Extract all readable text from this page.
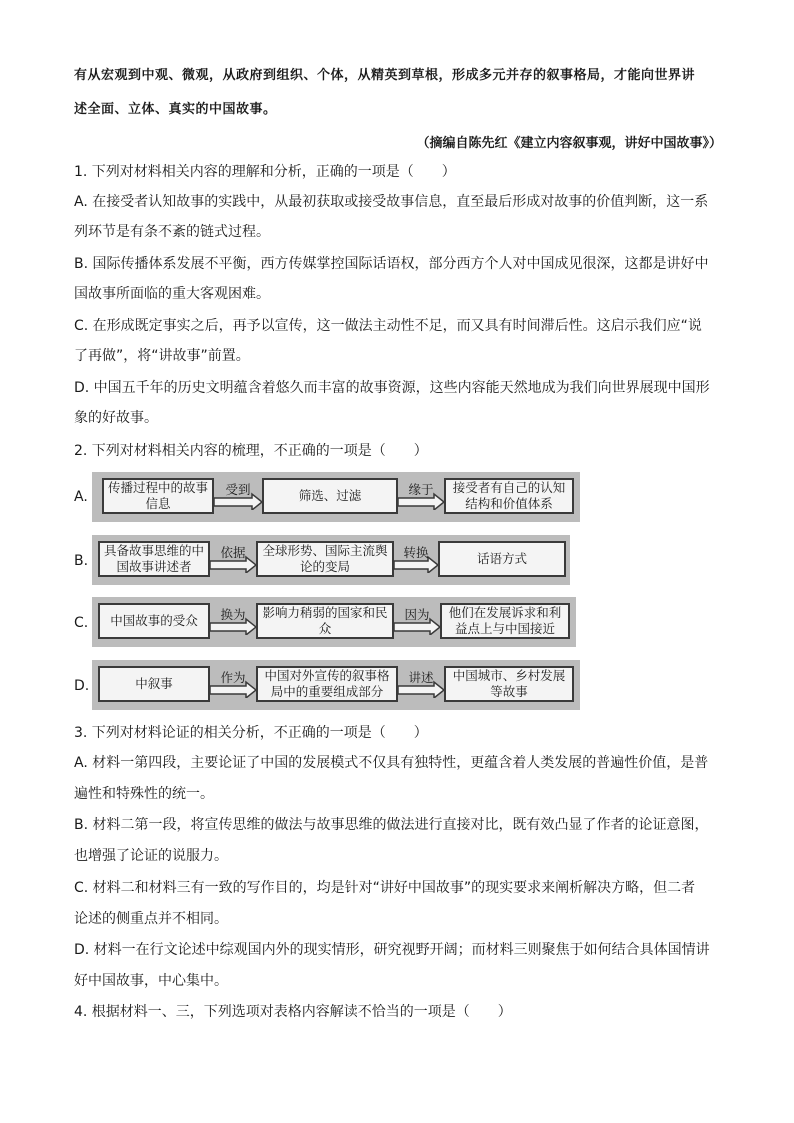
有从宏观到中观、微观，从政府到组织、个体，从精英到草根，形成多元并存的叙事格局，才能向世界讲
述全面、立体、真实的中国故事。
（摘编自陈先红《建立内容叙事观，讲好中国故事》）
1. 下列对材料相关内容的理解和分析，正确的一项是（　　）
A. 在接受者认知故事的实践中，从最初获取或接受故事信息，直至最后形成对故事的价值判断，这一系
列环节是有条不紊的链式过程。
B. 国际传播体系发展不平衡，西方传媒掌控国际话语权，部分西方个人对中国成见很深，这都是讲好中
国故事所面临的重大客观困难。
C. 在形成既定事实之后，再予以宣传，这一做法主动性不足，而又具有时间滞后性。这启示我们应“说
了再做”，将“讲故事”前置。
D. 中国五千年的历史文明蕴含着悠久而丰富的故事资源，这些内容能天然地成为我们向世界展现中国形
象的好故事。
2. 下列对材料相关内容的梳理，不正确的一项是（　　）
A.
传播过程中的故事信息
受到	筛选、过滤	缘于	接受者有自己的认知结构和价值体系
B.
具备故事思维的中国故事讲述者
依据	全球形势、国际主流舆论的变局
转换	话语方式
C.	中国故事的受众	换为	影响力稍弱的国家和民众
因为	他们在发展诉求和利益点上与中国接近
D.	中叙事	作为	中国对外宣传的叙事格局中的重要组成部分
讲述	中国城市、乡村发展等故事
3. 下列对材料论证的相关分析，不正确的一项是（　　）
A. 材料一第四段，主要论证了中国的发展模式不仅具有独特性，更蕴含着人类发展的普遍性价值，是普
遍性和特殊性的统一。
B. 材料二第一段，将宣传思维的做法与故事思维的做法进行直接对比，既有效凸显了作者的论证意图，
也增强了论证的说服力。
C. 材料二和材料三有一致的写作目的，均是针对“讲好中国故事”的现实要求来阐析解决方略，但二者
论述的侧重点并不相同。
D. 材料一在行文论述中综观国内外的现实情形，研究视野开阔；而材料三则聚焦于如何结合具体国情讲
好中国故事，中心集中。
4. 根据材料一、三，下列选项对表格内容解读不恰当的一项是（　　）
